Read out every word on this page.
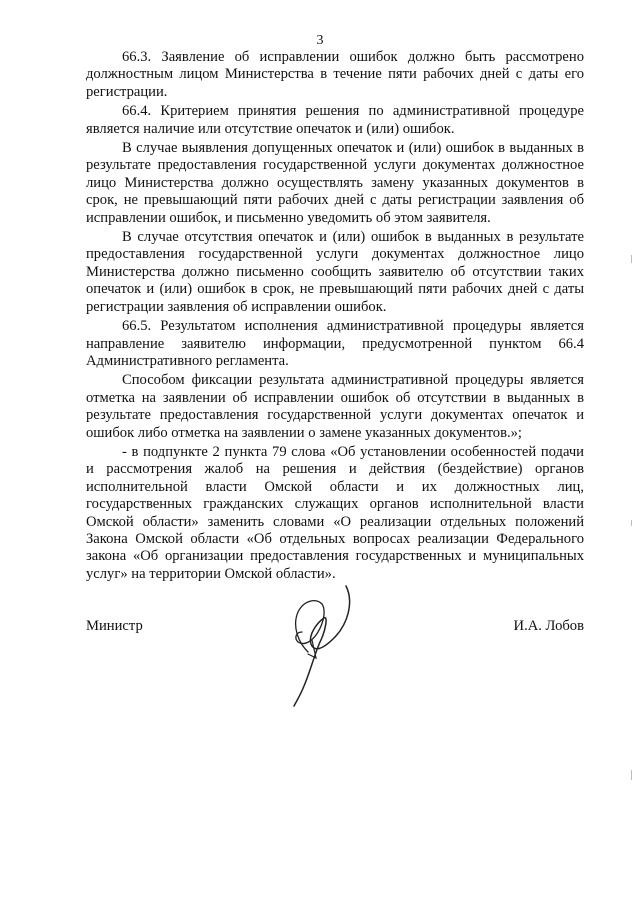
3

66.3. Заявление об исправлении ошибок должно быть рассмотрено должностным лицом Министерства в течение пяти рабочих дней с даты его регистрации.

66.4. Критерием принятия решения по административной процедуре является наличие или отсутствие опечаток и (или) ошибок.

В случае выявления допущенных опечаток и (или) ошибок в выданных в результате предоставления государственной услуги документах должностное лицо Министерства должно осуществлять замену указанных документов в срок, не превышающий пяти рабочих дней с даты регистрации заявления об исправлении ошибок, и письменно уведомить об этом заявителя.

В случае отсутствия опечаток и (или) ошибок в выданных в результате предоставления государственной услуги документах должностное лицо Министерства должно письменно сообщить заявителю об отсутствии таких опечаток и (или) ошибок в срок, не превышающий пяти рабочих дней с даты регистрации заявления об исправлении ошибок.

66.5. Результатом исполнения административной процедуры является направление заявителю информации, предусмотренной пунктом 66.4 Административного регламента.

Способом фиксации результата административной процедуры является отметка на заявлении об исправлении ошибок об отсутствии в выданных в результате предоставления государственной услуги документах опечаток и ошибок либо отметка на заявлении о замене указанных документов.»;

- в подпункте 2 пункта 79 слова «Об установлении особенностей подачи и рассмотрения жалоб на решения и действия (бездействие) органов исполнительной власти Омской области и их должностных лиц, государственных гражданских служащих органов исполнительной власти Омской области» заменить словами «О реализации отдельных положений Закона Омской области «Об отдельных вопросах реализации Федерального закона «Об организации предоставления государственных и муниципальных услуг» на территории Омской области».

Министр	И.А. Лобов
